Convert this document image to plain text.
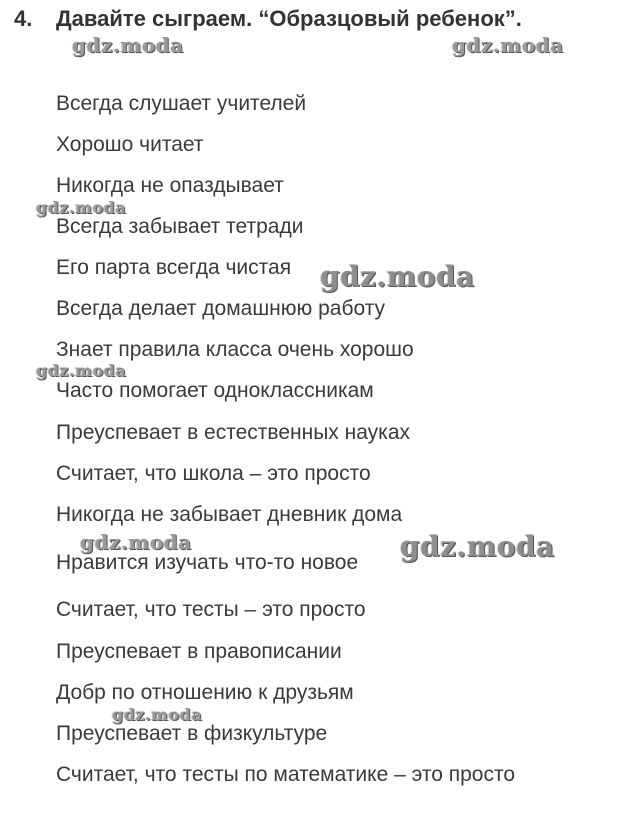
4. Давайте сыграем. “Образцовый ребенок”.
Всегда слушает учителей
Хорошо читает
Никогда не опаздывает
Всегда забывает тетради
Его парта всегда чистая
Всегда делает домашнюю работу
Знает правила класса очень хорошо
Часто помогает одноклассникам
Преуспевает в естественных науках
Считает, что школа – это просто
Никогда не забывает дневник дома
Нравится изучать что-то новое
Считает, что тесты – это просто
Преуспевает в правописании
Добр по отношению к друзьям
Преуспевает в физкультуре
Считает, что тесты по математике – это просто
gdz.moda	gdz.moda
gdz.moda
gdz.moda
gdz.moda
gdz.moda	gdz.moda
gdz.moda
